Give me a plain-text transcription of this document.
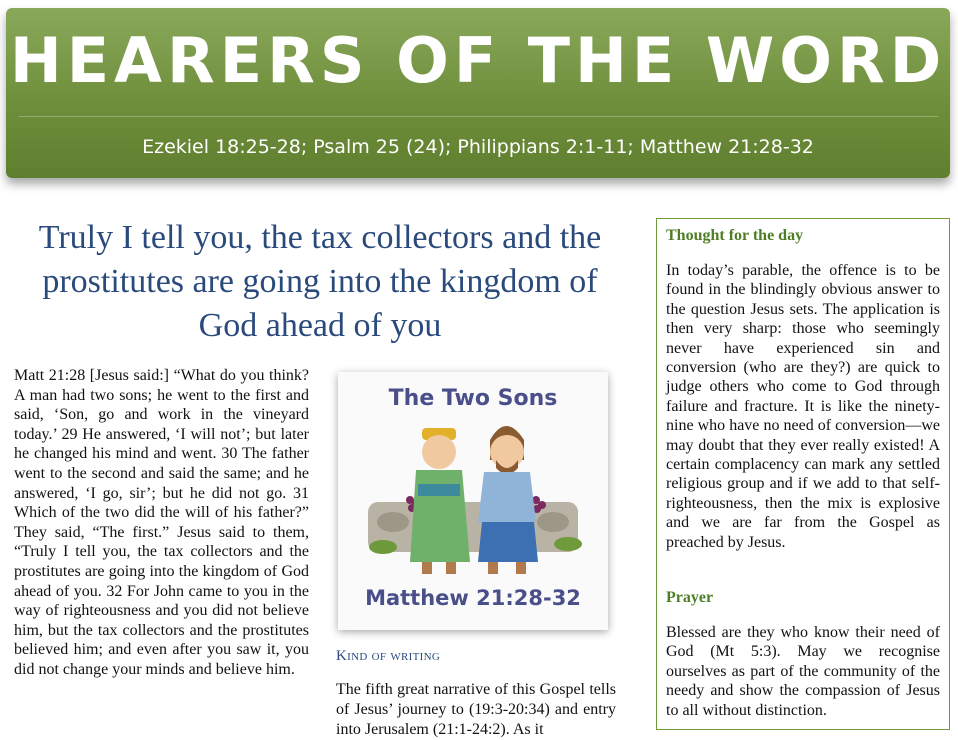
HEARERS OF THE WORD
Ezekiel 18:25-28; Psalm 25 (24); Philippians 2:1-11; Matthew 21:28-32
Truly I tell you, the tax collectors and the prostitutes are going into the kingdom of God ahead of you
Matt 21:28 [Jesus said:] “What do you think? A man had two sons; he went to the first and said, ‘Son, go and work in the vineyard today.’ 29 He answered, ‘I will not’; but later he changed his mind and went. 30 The father went to the second and said the same; and he answered, ‘I go, sir’; but he did not go. 31 Which of the two did the will of his father?” They said, “The first.” Jesus said to them, “Truly I tell you, the tax collectors and the prostitutes are going into the kingdom of God ahead of you. 32 For John came to you in the way of righteousness and you did not believe him, but the tax collectors and the prostitutes believed him; and even after you saw it, you did not change your minds and believe him.
The Two Sons
Matthew 21:28-32
Kind of writing
The fifth great narrative of this Gospel tells of Jesus’ journey to (19:3-20:34) and entry into Jerusalem (21:1-24:2). As it
Thought for the day
In today’s parable, the offence is to be found in the blindingly obvious answer to the question Jesus sets. The application is then very sharp: those who seemingly never have experienced sin and conversion (who are they?) are quick to judge others who come to God through failure and fracture. It is like the ninety-nine who have no need of conversion—we may doubt that they ever really existed! A certain complacency can mark any settled religious group and if we add to that self-righteousness, then the mix is explosive and we are far from the Gospel as preached by Jesus.
Prayer
Blessed are they who know their need of God (Mt 5:3). May we recognise ourselves as part of the community of the needy and show the compassion of Jesus to all without distinction.
